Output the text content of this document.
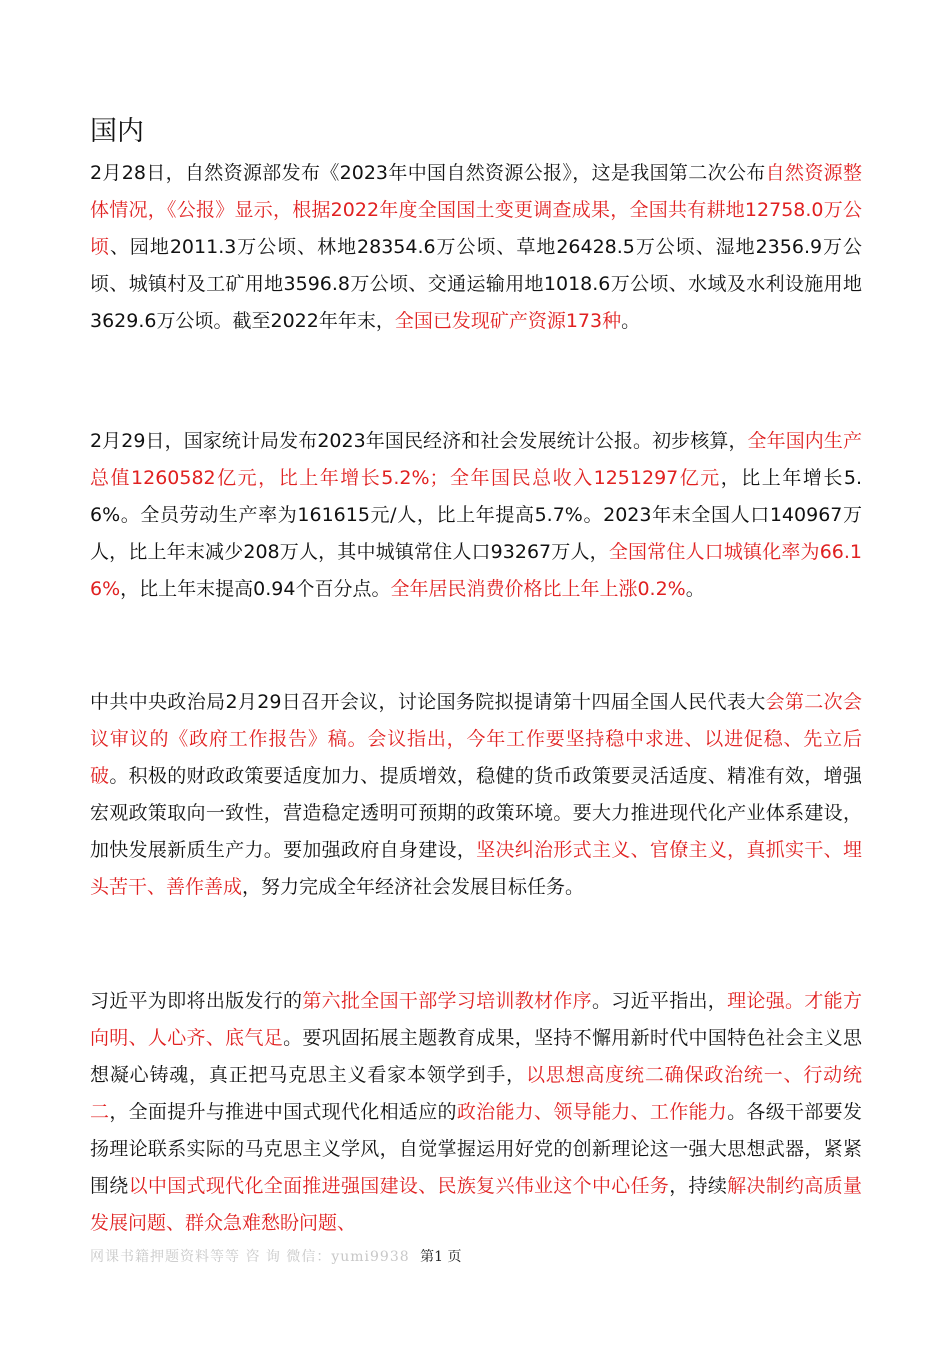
国内
2月28日，自然资源部发布《2023年中国自然资源公报》，这是我国第二次公布自然资源整体情况，《公报》显示，根据2022年度全国国土变更调查成果，全国共有耕地12758.0万公顷、园地2011.3万公顷、林地28354.6万公顷、草地26428.5万公顷、湿地2356.9万公顷、城镇村及工矿用地3596.8万公顷、交通运输用地1018.6万公顷、水域及水利设施用地3629.6万公顷。截至2022年年末，全国已发现矿产资源173种。
2月29日，国家统计局发布2023年国民经济和社会发展统计公报。初步核算，全年国内生产总值1260582亿元，比上年增长5.2%；全年国民总收入1251297亿元，比上年增长5.6%。全员劳动生产率为161615元/人，比上年提高5.7%。2023年末全国人口140967万人，比上年末减少208万人，其中城镇常住人口93267万人，全国常住人口城镇化率为66.16%，比上年末提高0.94个百分点。全年居民消费价格比上年上涨0.2%。
中共中央政治局2月29日召开会议，讨论国务院拟提请第十四届全国人民代表大会第二次会议审议的《政府工作报告》稿。会议指出，今年工作要坚持稳中求进、以进促稳、先立后破。积极的财政政策要适度加力、提质增效，稳健的货币政策要灵活适度、精准有效，增强宏观政策取向一致性，营造稳定透明可预期的政策环境。要大力推进现代化产业体系建设，加快发展新质生产力。要加强政府自身建设，坚决纠治形式主义、官僚主义，真抓实干、埋头苦干、善作善成，努力完成全年经济社会发展目标任务。
习近平为即将出版发行的第六批全国干部学习培训教材作序。习近平指出，理论强。才能方向明、人心齐、底气足。要巩固拓展主题教育成果，坚持不懈用新时代中国特色社会主义思想凝心铸魂，真正把马克思主义看家本领学到手，以思想高度统二确保政治统一、行动统二，全面提升与推进中国式现代化相适应的政治能力、领导能力、工作能力。各级干部要发扬理论联系实际的马克思主义学风，自觉掌握运用好党的创新理论这一强大思想武器，紧紧围绕以中国式现代化全面推进强国建设、民族复兴伟业这个中心任务，持续解决制约高质量发展问题、群众急难愁盼问题、
网课书籍押题资料等等 咨 询 微信：yumi9938 第1 页
